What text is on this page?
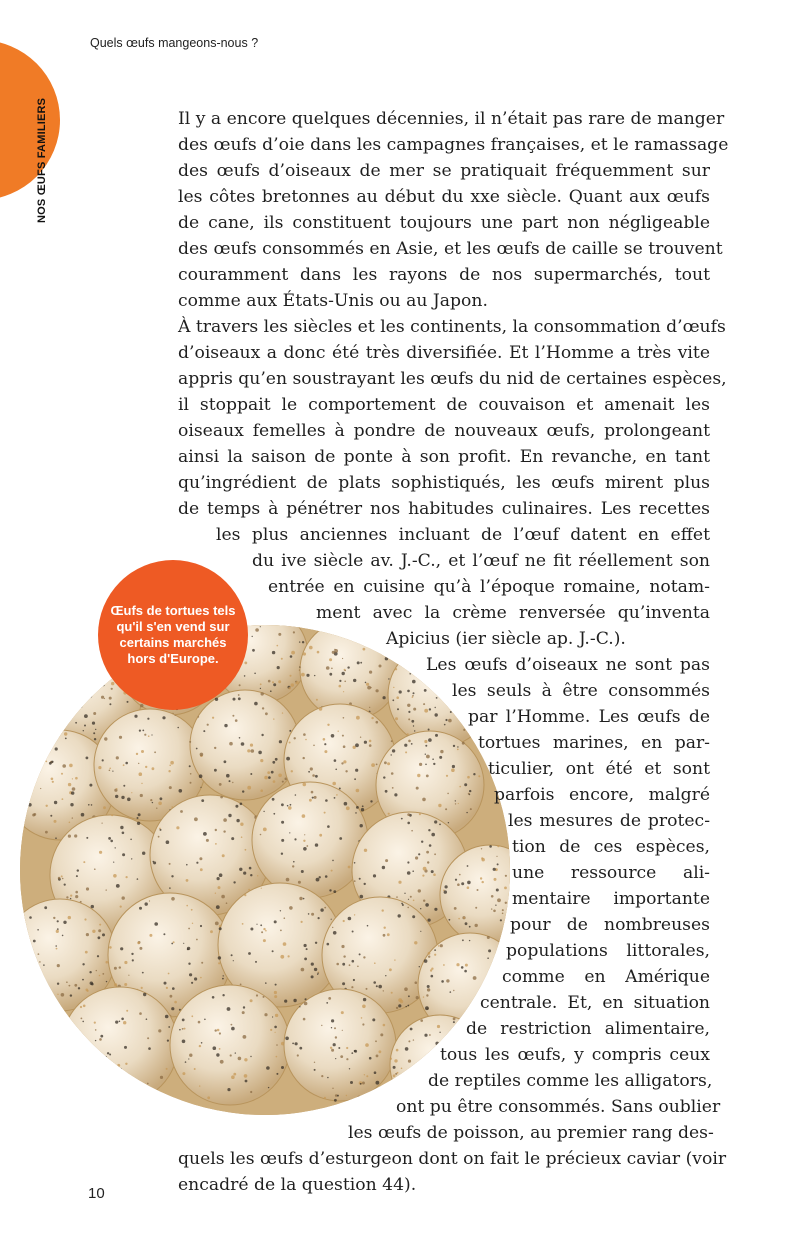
NOS ŒUFS FAMILIERS
Quels œufs mangeons-nous ?
Œufs de tortues tels qu'il s'en vend sur certains marchés hors d'Europe.
Il y a encore quelques décennies, il n’était pas rare de manger
des œufs d’oie dans les campagnes françaises, et le ramassage
des œufs d’oiseaux de mer se pratiquait fréquemment sur
les côtes bretonnes au début du xxe siècle. Quant aux œufs
de cane, ils constituent toujours une part non négligeable
des œufs consommés en Asie, et les œufs de caille se trouvent
couramment dans les rayons de nos supermarchés, tout
comme aux États-Unis ou au Japon.
À travers les siècles et les continents, la consommation d’œufs
d’oiseaux a donc été très diversifiée. Et l’Homme a très vite
appris qu’en soustrayant les œufs du nid de certaines espèces,
il stoppait le comportement de couvaison et amenait les
oiseaux femelles à pondre de nouveaux œufs, prolongeant
ainsi la saison de ponte à son profit. En revanche, en tant
qu’ingrédient de plats sophistiqués, les œufs mirent plus
de temps à pénétrer nos habitudes culinaires. Les recettes
les plus anciennes incluant de l’œuf datent en effet
du ive siècle av. J.-C., et l’œuf ne fit réellement son
entrée en cuisine qu’à l’époque romaine, notam-
ment avec la crème renversée qu’inventa
Apicius (ier siècle ap. J.-C.).
Les œufs d’oiseaux ne sont pas
les seuls à être consommés
par l’Homme. Les œufs de
tortues marines, en par-
ticulier, ont été et sont
parfois encore, malgré
les mesures de protec-
tion de ces espèces,
une ressource ali-
mentaire importante
pour de nombreuses
populations littorales,
comme en Amérique
centrale. Et, en situation
de restriction alimentaire,
tous les œufs, y compris ceux
de reptiles comme les alligators,
ont pu être consommés. Sans oublier
les œufs de poisson, au premier rang des-
quels les œufs d’esturgeon dont on fait le précieux caviar (voir
encadré de la question 44).
10
